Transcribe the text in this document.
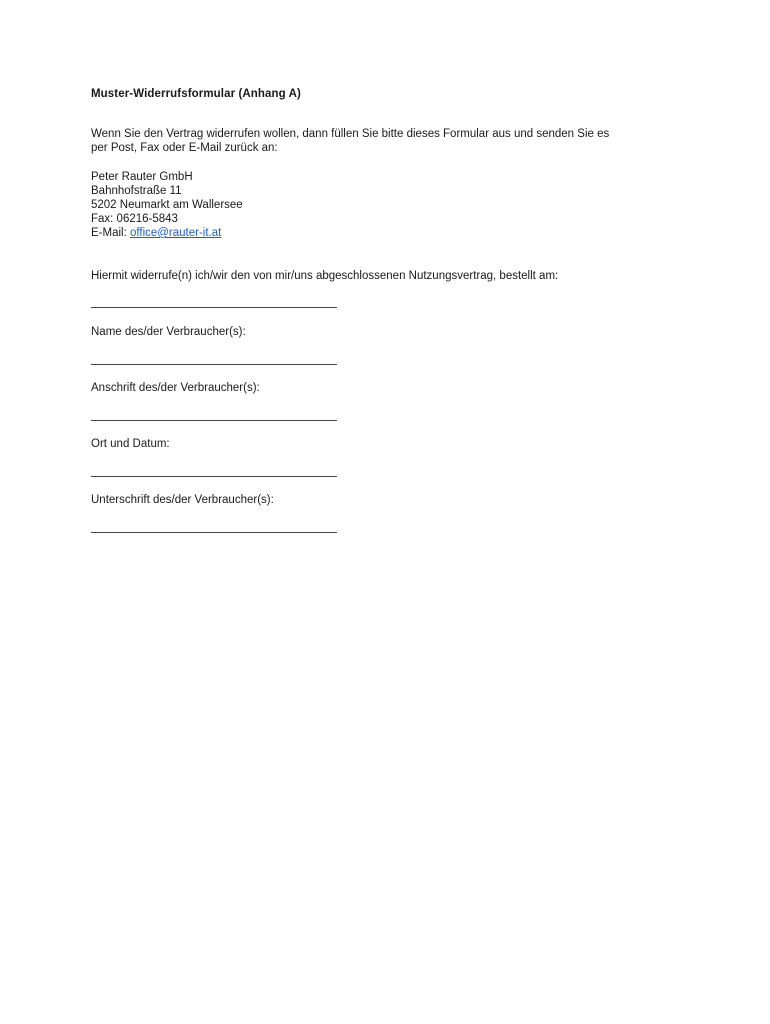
Muster-Widerrufsformular (Anhang A)
Wenn Sie den Vertrag widerrufen wollen, dann füllen Sie bitte dieses Formular aus und senden Sie es
per Post, Fax oder E-Mail zurück an:
Peter Rauter GmbH
Bahnhofstraße 11
5202 Neumarkt am Wallersee
Fax: 06216-5843
E-Mail: office@rauter-it.at
Hiermit widerrufe(n) ich/wir den von mir/uns abgeschlossenen Nutzungsvertrag, bestellt am:
Name des/der Verbraucher(s):
Anschrift des/der Verbraucher(s):
Ort und Datum:
Unterschrift des/der Verbraucher(s):
